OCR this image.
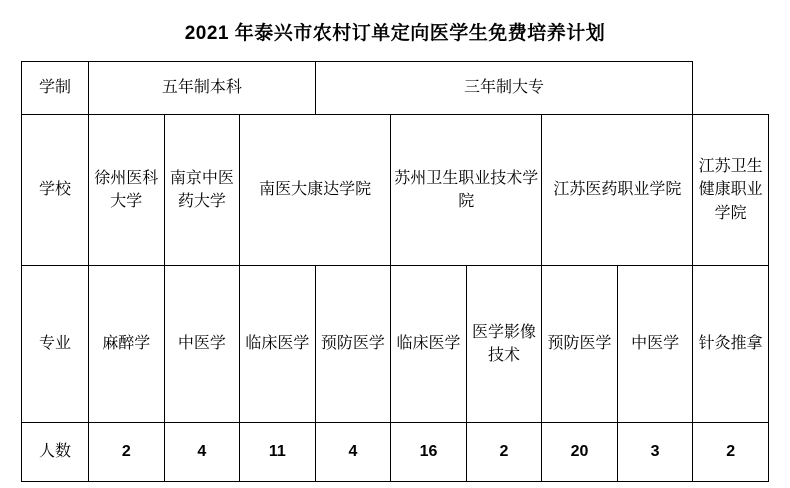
2021 年泰兴市农村订单定向医学生免费培养计划
学制	五年制本科			三年制大专					
学校	徐州医科大学	南京中医药大学	南医大康达学院		苏州卫生职业技术学院		江苏医药职业学院		江苏卫生健康职业学院
专业	麻醉学	中医学	临床医学	预防医学	临床医学	医学影像技术	预防医学	中医学	针灸推拿
人数	2	4	11	4	16	2	20	3	2
